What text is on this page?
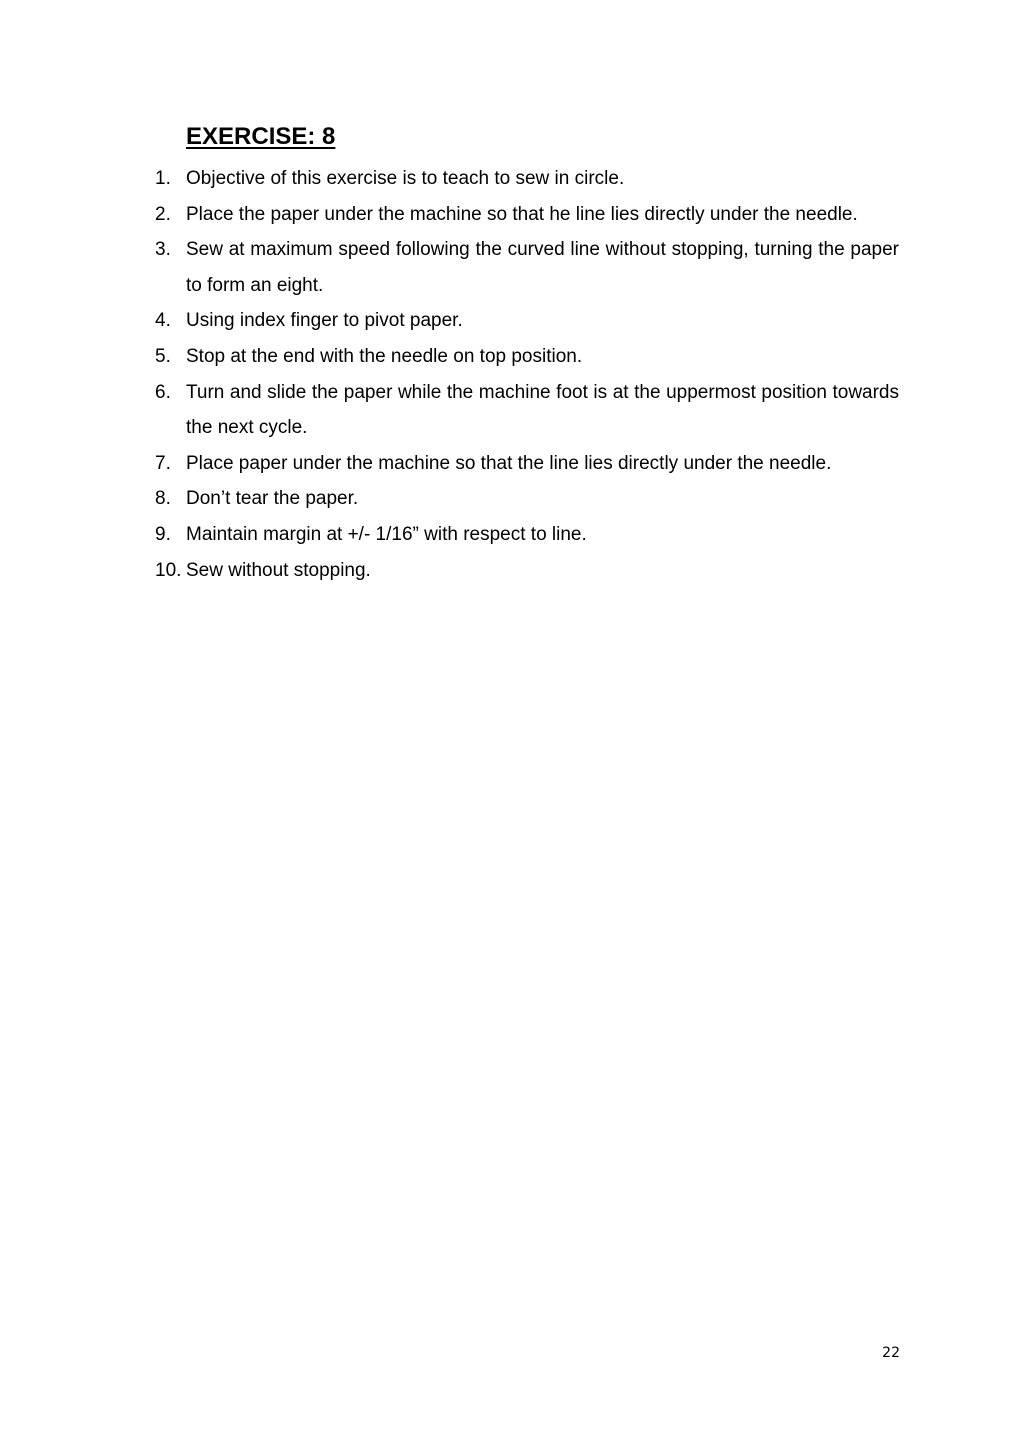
EXERCISE: 8
1. Objective of this exercise is to teach to sew in circle.
2. Place the paper under the machine so that he line lies directly under the needle.
3. Sew at maximum speed following the curved line without stopping, turning the paper to form an eight.
4. Using index finger to pivot paper.
5. Stop at the end with the needle on top position.
6. Turn and slide the paper while the machine foot is at the uppermost position towards the next cycle.
7. Place paper under the machine so that the line lies directly under the needle.
8. Don’t tear the paper.
9. Maintain margin at +/- 1/16” with respect to line.
10. Sew without stopping.
22
